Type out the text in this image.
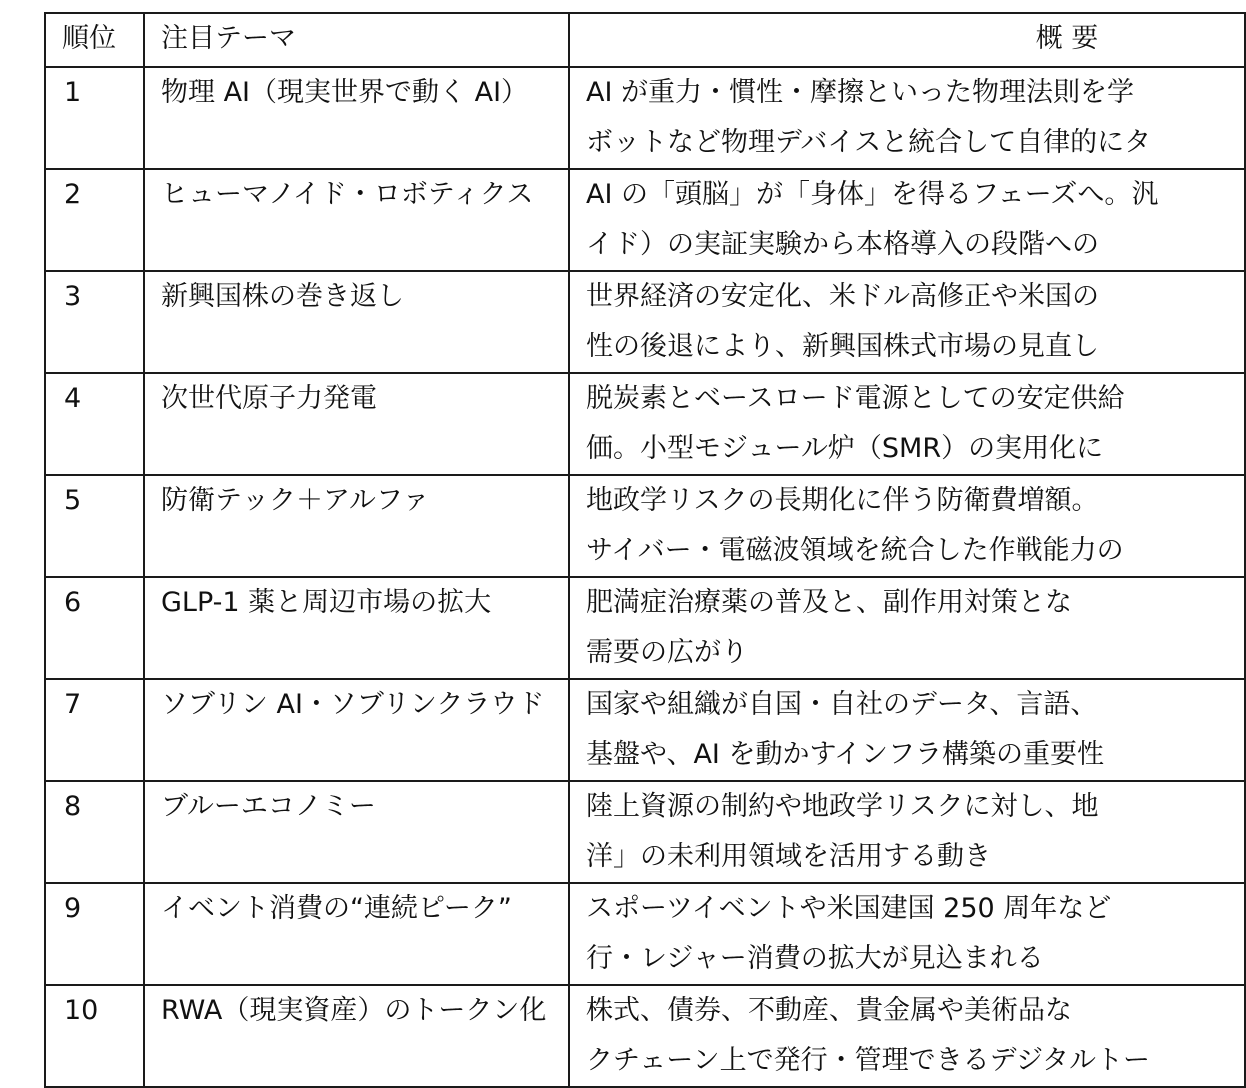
順位	注目テーマ	概 要
1	物理 AI（現実世界で動く AI）	AI が重力・慣性・摩擦といった物理法則を学
ボットなど物理デバイスと統合して自律的にタ

2	ヒューマノイド・ロボティクス	AI の「頭脳」が「身体」を得るフェーズへ。汎
イド）の実証実験から本格導入の段階への

3	新興国株の巻き返し	世界経済の安定化、米ドル高修正や米国の
性の後退により、新興国株式市場の見直し

4	次世代原子力発電	脱炭素とベースロード電源としての安定供給
価。小型モジュール炉（SMR）の実用化に

5	防衛テック＋アルファ	地政学リスクの長期化に伴う防衛費増額。
サイバー・電磁波領域を統合した作戦能力の

6	GLP-1 薬と周辺市場の拡大	肥満症治療薬の普及と、副作用対策とな
需要の広がり

7	ソブリン AI・ソブリンクラウド	国家や組織が自国・自社のデータ、言語、
基盤や、AI を動かすインフラ構築の重要性

8	ブルーエコノミー	陸上資源の制約や地政学リスクに対し、地
洋」の未利用領域を活用する動き

9	イベント消費の“連続ピーク”	スポーツイベントや米国建国 250 周年など
行・レジャー消費の拡大が見込まれる

10	RWA（現実資産）のトークン化	株式、債券、不動産、貴金属や美術品な
クチェーン上で発行・管理できるデジタルトー
